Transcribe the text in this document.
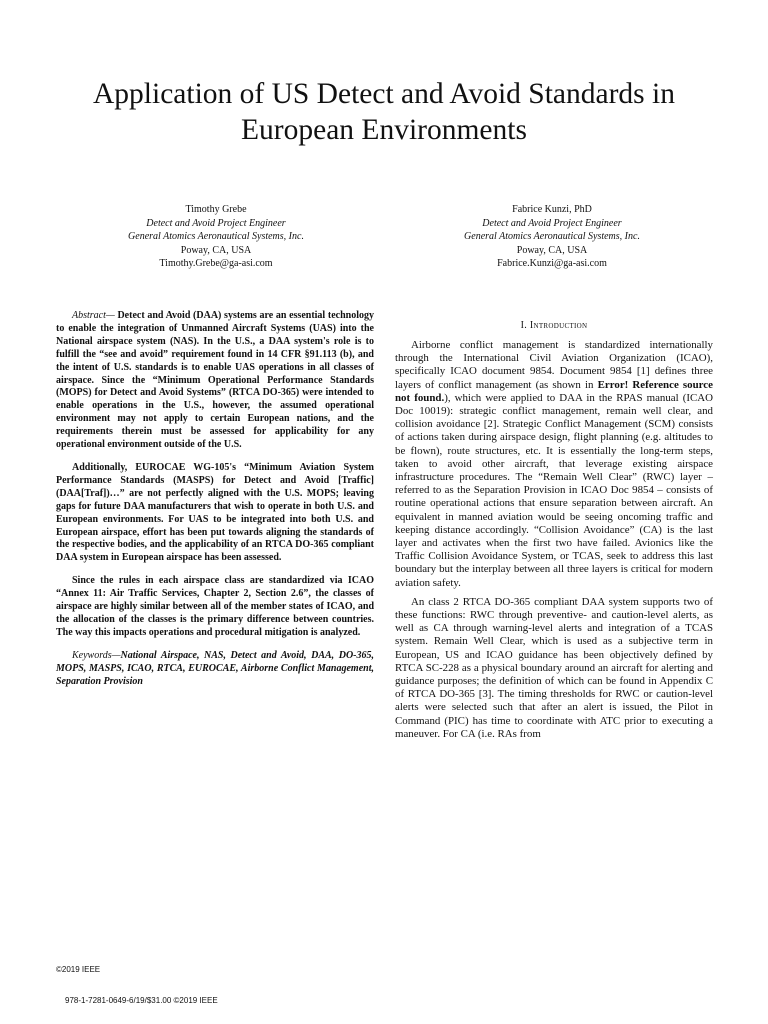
Application of US Detect and Avoid Standards in European Environments
Timothy Grebe
Detect and Avoid Project Engineer
General Atomics Aeronautical Systems, Inc.
Poway, CA, USA
Timothy.Grebe@ga-asi.com
Fabrice Kunzi, PhD
Detect and Avoid Project Engineer
General Atomics Aeronautical Systems, Inc.
Poway, CA, USA
Fabrice.Kunzi@ga-asi.com

Abstract— Detect and Avoid (DAA) systems are an essential technology to enable the integration of Unmanned Aircraft Systems (UAS) into the National airspace system (NAS). In the U.S., a DAA system's role is to fulfill the “see and avoid” requirement found in 14 CFR §91.113 (b), and the intent of U.S. standards is to enable UAS operations in all classes of airspace. Since the “Minimum Operational Performance Standards (MOPS) for Detect and Avoid Systems” (RTCA DO-365) were intended to enable operations in the U.S., however, the assumed operational environment may not apply to certain European nations, and the requirements therein must be assessed for applicability for any operational environment outside of the U.S.

Additionally, EUROCAE WG-105's “Minimum Aviation System Performance Standards (MASPS) for Detect and Avoid [Traffic] (DAA[Traf])…” are not perfectly aligned with the U.S. MOPS; leaving gaps for future DAA manufacturers that wish to operate in both U.S. and European environments. For UAS to be integrated into both U.S. and European airspace, effort has been put towards aligning the standards of the respective bodies, and the applicability of an RTCA DO-365 compliant DAA system in European airspace has been assessed.

Since the rules in each airspace class are standardized via ICAO “Annex 11: Air Traffic Services, Chapter 2, Section 2.6”, the classes of airspace are highly similar between all of the member states of ICAO, and the allocation of the classes is the primary difference between countries. The way this impacts operations and procedural mitigation is analyzed.

Keywords—National Airspace, NAS, Detect and Avoid, DAA, DO-365, MOPS, MASPS, ICAO, RTCA, EUROCAE, Airborne Conflict Management, Separation Provision

I. Introduction

Airborne conflict management is standardized internationally through the International Civil Aviation Organization (ICAO), specifically ICAO document 9854. Document 9854 [1] defines three layers of conflict management (as shown in Error! Reference source not found.), which were applied to DAA in the RPAS manual (ICAO Doc 10019): strategic conflict management, remain well clear, and collision avoidance [2]. Strategic Conflict Management (SCM) consists of actions taken during airspace design, flight planning (e.g. altitudes to be flown), route structures, etc. It is essentially the long-term steps, taken to avoid other aircraft, that leverage existing airspace infrastructure procedures. The “Remain Well Clear” (RWC) layer – referred to as the Separation Provision in ICAO Doc 9854 – consists of routine operational actions that ensure separation between aircraft. An equivalent in manned aviation would be seeing oncoming traffic and keeping distance accordingly. “Collision Avoidance” (CA) is the last layer and activates when the first two have failed. Avionics like the Traffic Collision Avoidance System, or TCAS, seek to address this last boundary but the interplay between all three layers is critical for modern aviation safety.

An class 2 RTCA DO-365 compliant DAA system supports two of these functions: RWC through preventive- and caution-level alerts, as well as CA through warning-level alerts and integration of a TCAS system. Remain Well Clear, which is used as a subjective term in European, US and ICAO guidance has been objectively defined by RTCA SC-228 as a physical boundary around an aircraft for alerting and guidance purposes; the definition of which can be found in Appendix C of RTCA DO-365 [3]. The timing thresholds for RWC or caution-level alerts were selected such that after an alert is issued, the Pilot in Command (PIC) has time to coordinate with ATC prior to executing a maneuver. For CA (i.e. RAs from

©2019 IEEE
978-1-7281-0649-6/19/$31.00 ©2019 IEEE
